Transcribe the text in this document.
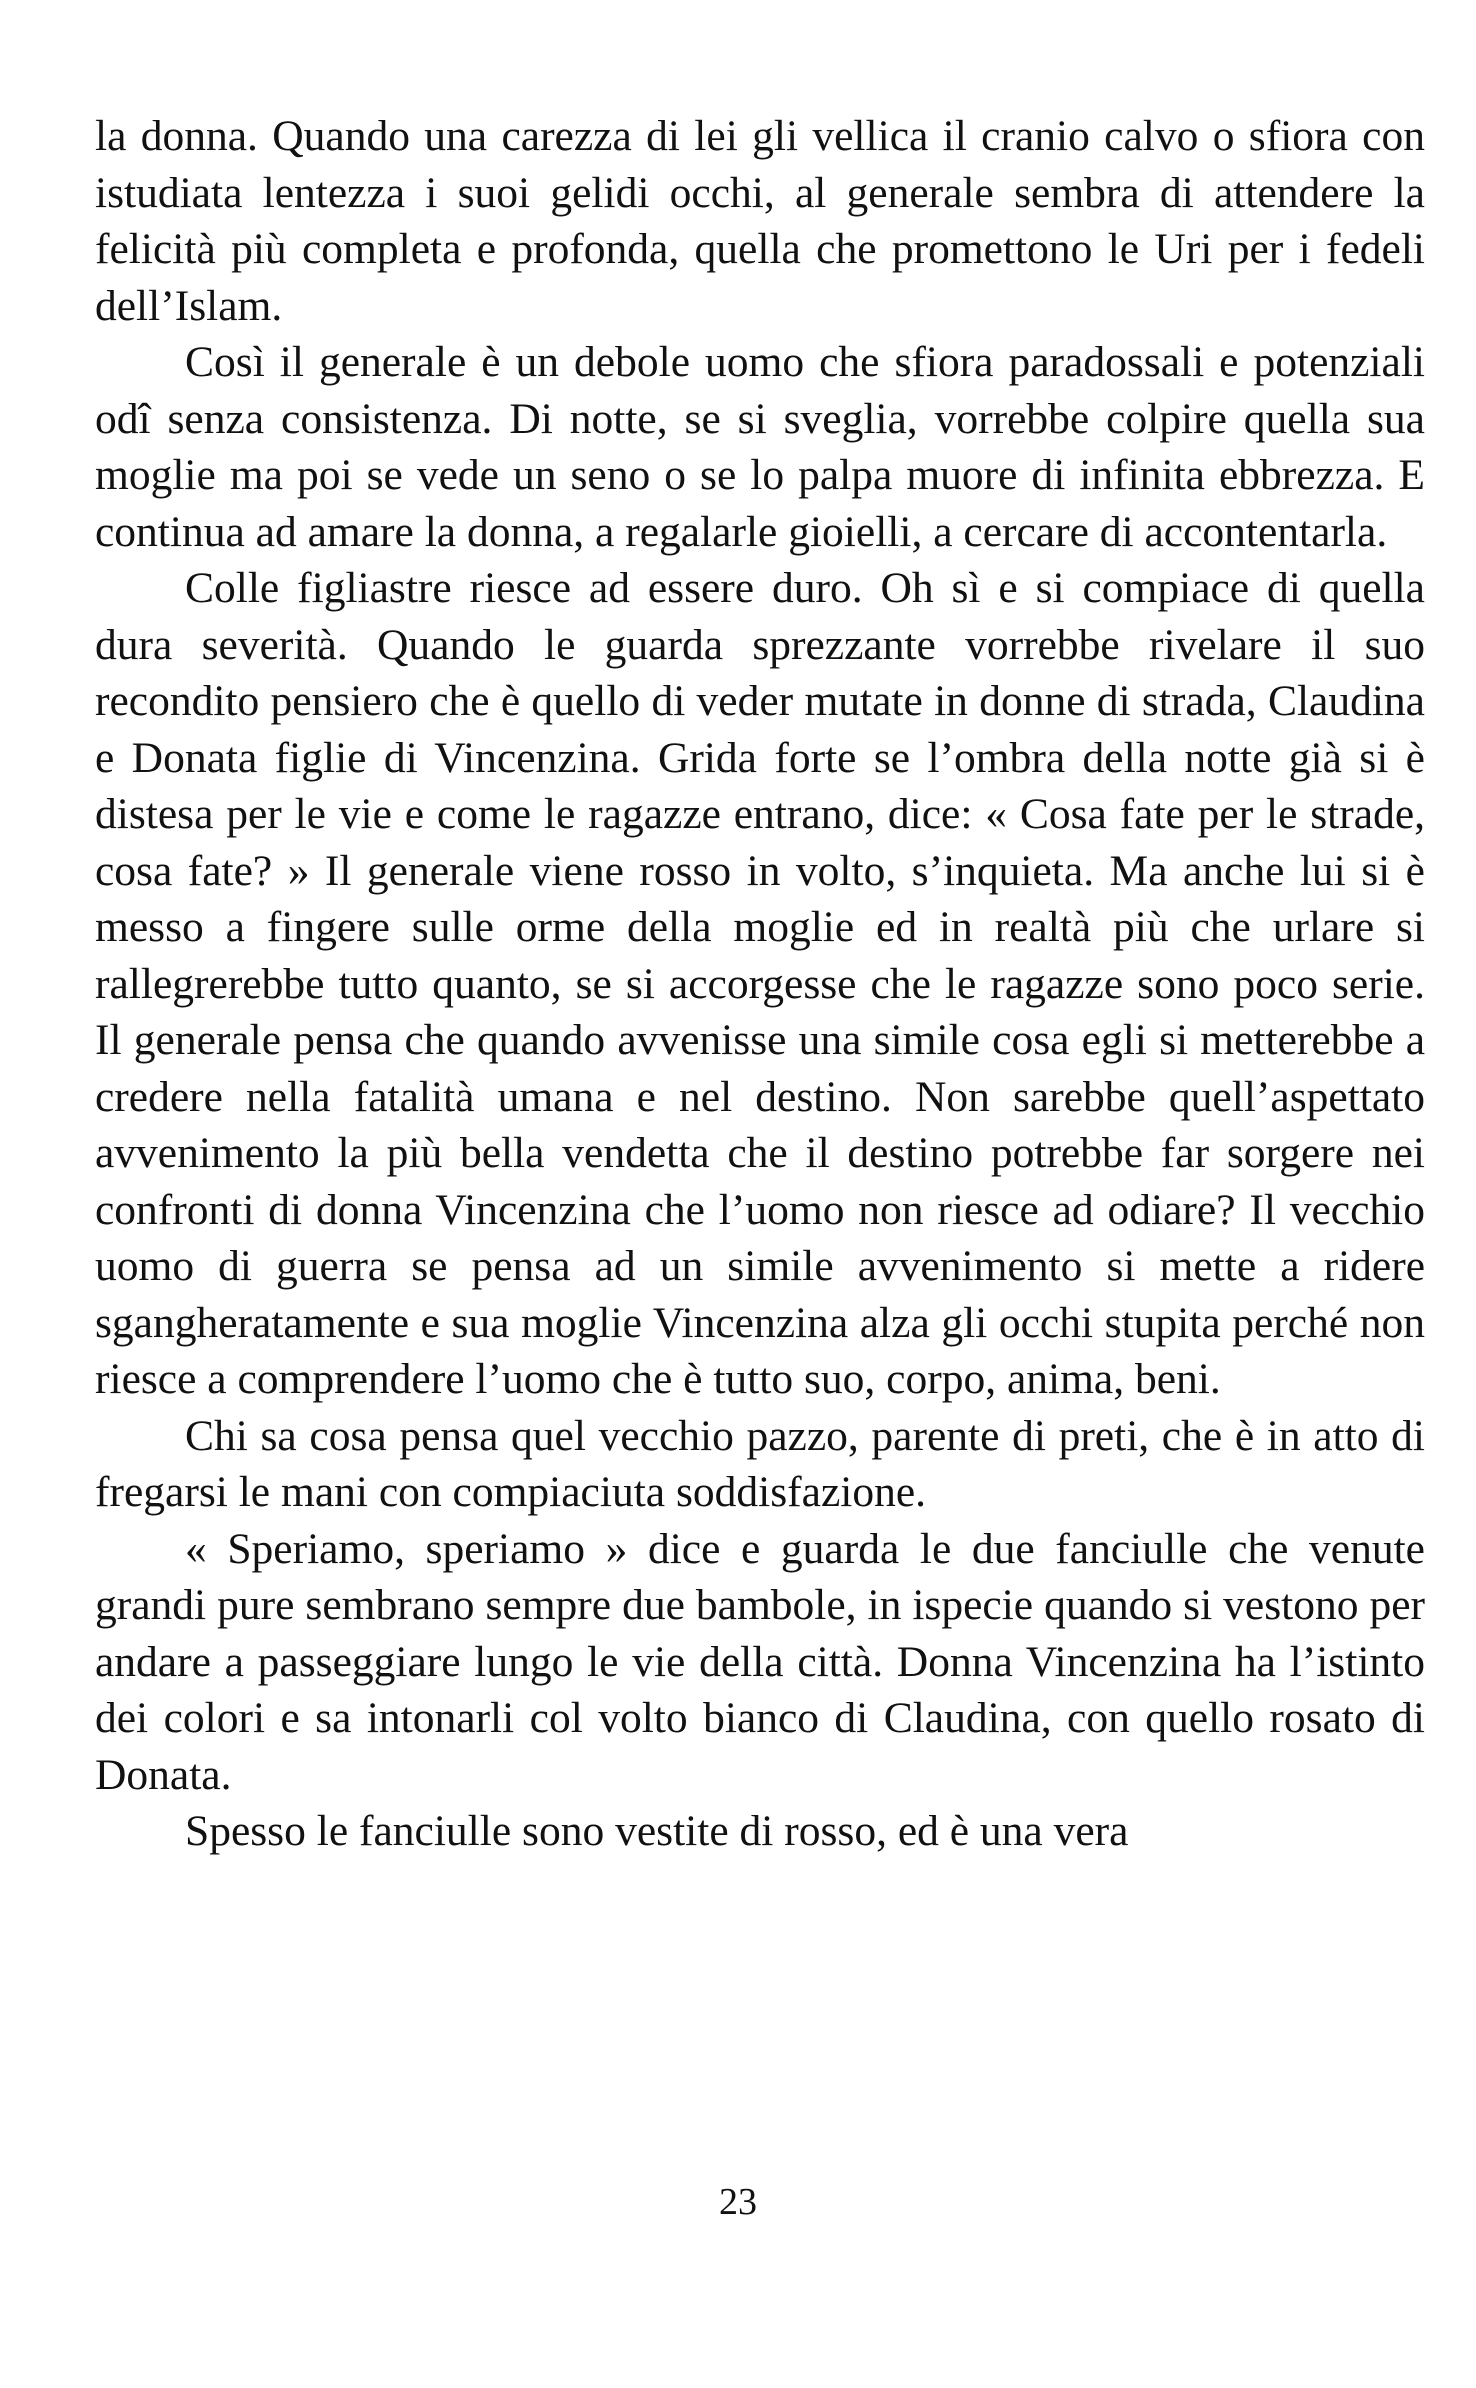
la donna. Quando una carezza di lei gli vellica il cranio calvo o sfiora con istudiata lentezza i suoi gelidi occhi, al generale sembra di attendere la felicità più completa e profonda, quella che promettono le Uri per i fedeli dell’Islam.

Così il generale è un debole uomo che sfiora paradossali e potenziali odî senza consistenza. Di notte, se si sveglia, vorrebbe colpire quella sua moglie ma poi se vede un seno o se lo palpa muore di infinita ebbrezza. E continua ad amare la donna, a regalarle gioielli, a cercare di accontentarla.

Colle figliastre riesce ad essere duro. Oh sì e si compiace di quella dura severità. Quando le guarda sprezzante vorrebbe rivelare il suo recondito pensiero che è quello di veder mutate in donne di strada, Claudina e Donata figlie di Vincenzina. Grida forte se l’ombra della notte già si è distesa per le vie e come le ragazze entrano, dice: « Cosa fate per le strade, cosa fate? » Il generale viene rosso in volto, s’inquieta. Ma anche lui si è messo a fingere sulle orme della moglie ed in realtà più che urlare si rallegrerebbe tutto quanto, se si accorgesse che le ragazze sono poco serie. Il generale pensa che quando avvenisse una simile cosa egli si metterebbe a credere nella fatalità umana e nel destino. Non sarebbe quell’aspettato avvenimento la più bella vendetta che il destino potrebbe far sorgere nei confronti di donna Vincenzina che l’uomo non riesce ad odiare? Il vecchio uomo di guerra se pensa ad un simile avvenimento si mette a ridere sgangheratamente e sua moglie Vincenzina alza gli occhi stupita perché non riesce a comprendere l’uomo che è tutto suo, corpo, anima, beni.

Chi sa cosa pensa quel vecchio pazzo, parente di preti, che è in atto di fregarsi le mani con compiaciuta soddisfazione.

« Speriamo, speriamo » dice e guarda le due fanciulle che venute grandi pure sembrano sempre due bambole, in ispecie quando si vestono per andare a passeggiare lungo le vie della città. Donna Vincenzina ha l’istinto dei colori e sa intonarli col volto bianco di Claudina, con quello rosato di Donata.

Spesso le fanciulle sono vestite di rosso, ed è una vera

23
